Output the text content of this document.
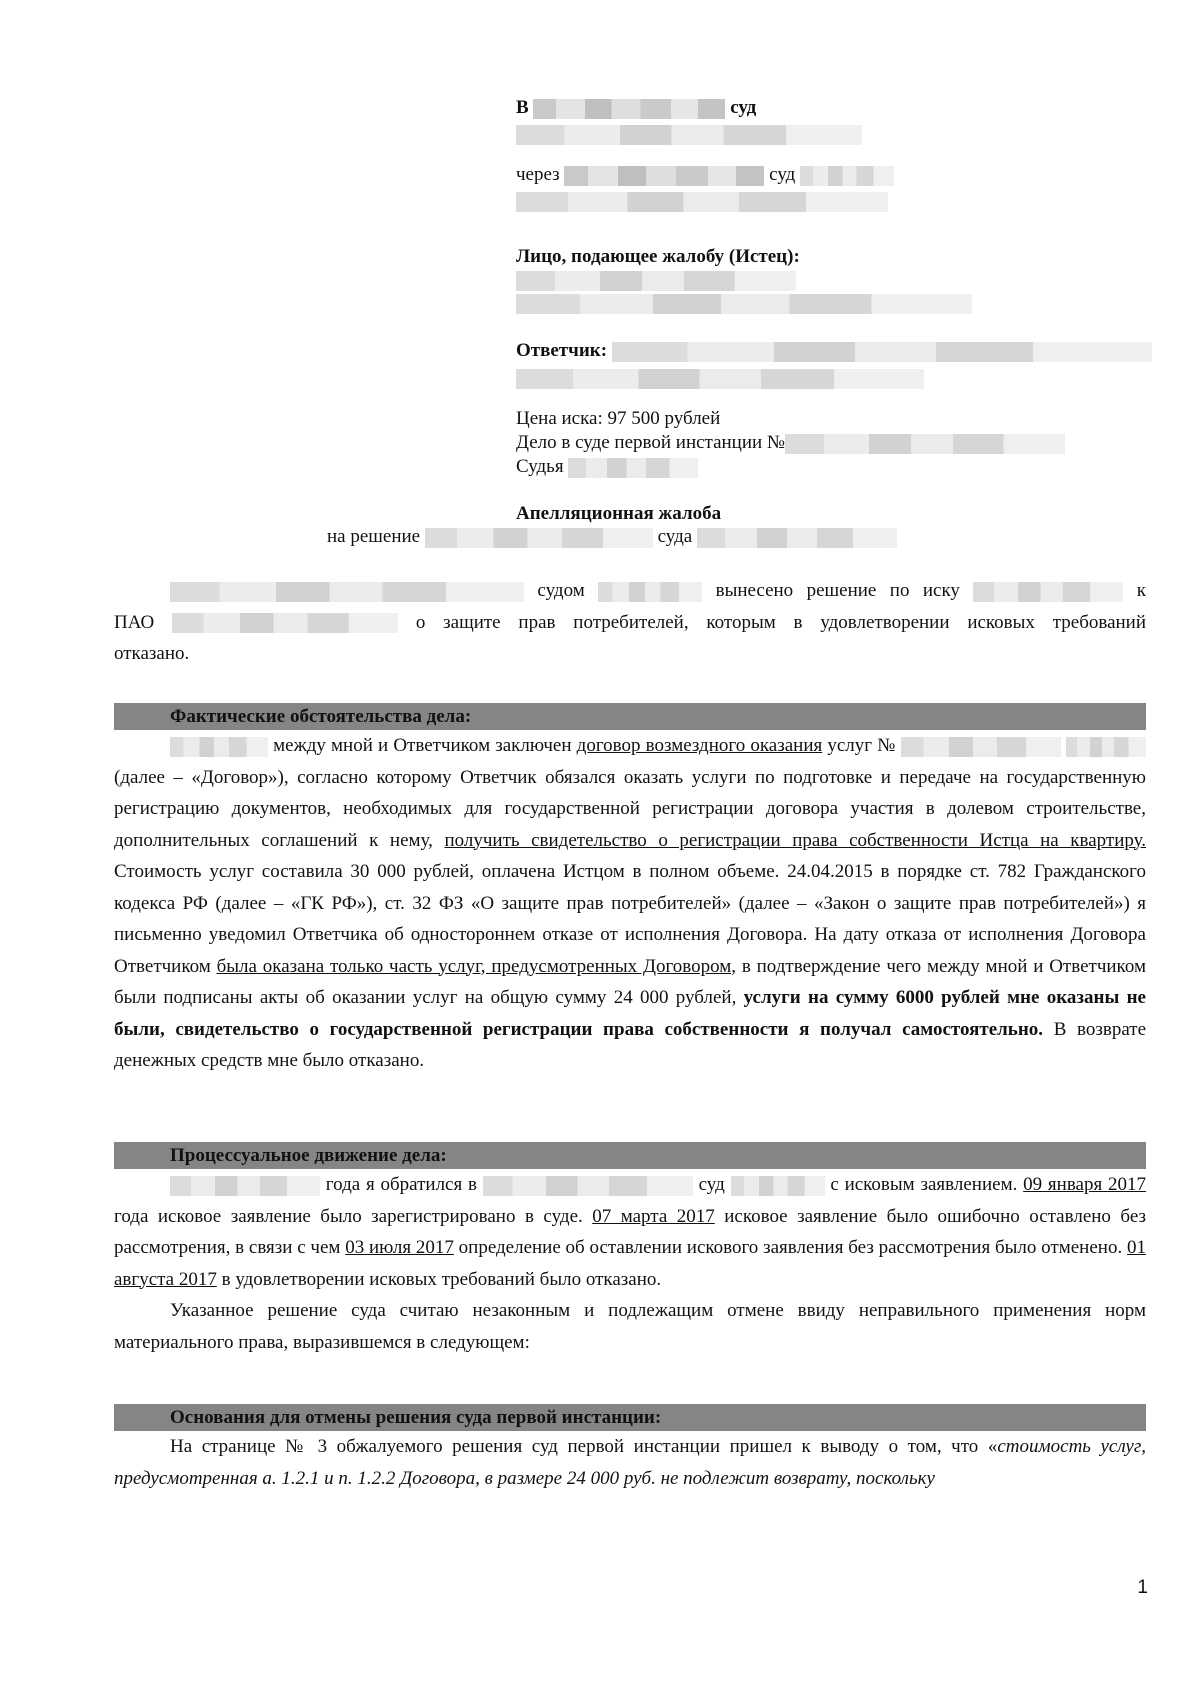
В	суд
через	суд
Лицо, подающее жалобу (Истец):
Ответчик:
Цена иска: 97 500 рублей
Дело в суде первой инстанции №
Судья
Апелляционная жалоба
на решение	суда

судом	вынесено решение по иску	к

ПАО	о защите прав потребителей, которым в удовлетворении исковых требований

отказано.

Фактические обстоятельства дела:

между мной и Ответчиком заключен договор возмездного оказания услуг №   (далее – «Договор»), согласно которому Ответчик обязался оказать услуги по подготовке и передаче на государственную регистрацию документов, необходимых для государственной регистрации договора участия в долевом строительстве, дополнительных соглашений к нему, получить свидетельство о регистрации права собственности Истца на квартиру. Стоимость услуг составила 30 000 рублей, оплачена Истцом в полном объеме. 24.04.2015 в порядке ст. 782 Гражданского кодекса РФ (далее – «ГК РФ»), ст. 32 ФЗ «О защите прав потребителей» (далее – «Закон о защите прав потребителей») я письменно уведомил Ответчика об одностороннем отказе от исполнения Договора. На дату отказа от исполнения Договора Ответчиком была оказана только часть услуг, предусмотренных Договором, в подтверждение чего между мной и Ответчиком были подписаны акты об оказании услуг на общую сумму 24 000 рублей, услуги на сумму 6000 рублей мне оказаны не были, свидетельство о государственной регистрации права собственности я получал самостоятельно. В возврате денежных средств мне было отказано.

Процессуальное движение дела:

года я обратился в	суд	с исковым заявлением. 09 января 2017 года исковое заявление было зарегистрировано в суде. 07 марта 2017 исковое заявление было ошибочно оставлено без рассмотрения, в связи с чем 03 июля 2017 определение об оставлении искового заявления без рассмотрения было отменено. 01 августа 2017 в удовлетворении исковых требований было отказано.

Указанное решение суда считаю незаконным и подлежащим отмене ввиду неправильного применения норм материального права, выразившемся в следующем:

Основания для отмены решения суда первой инстанции:

На странице № 3 обжалуемого решения суд первой инстанции пришел к выводу о том, что «стоимость услуг, предусмотренная а. 1.2.1 и п. 1.2.2 Договора, в размере 24 000 руб. не подлежит возврату, поскольку

1
